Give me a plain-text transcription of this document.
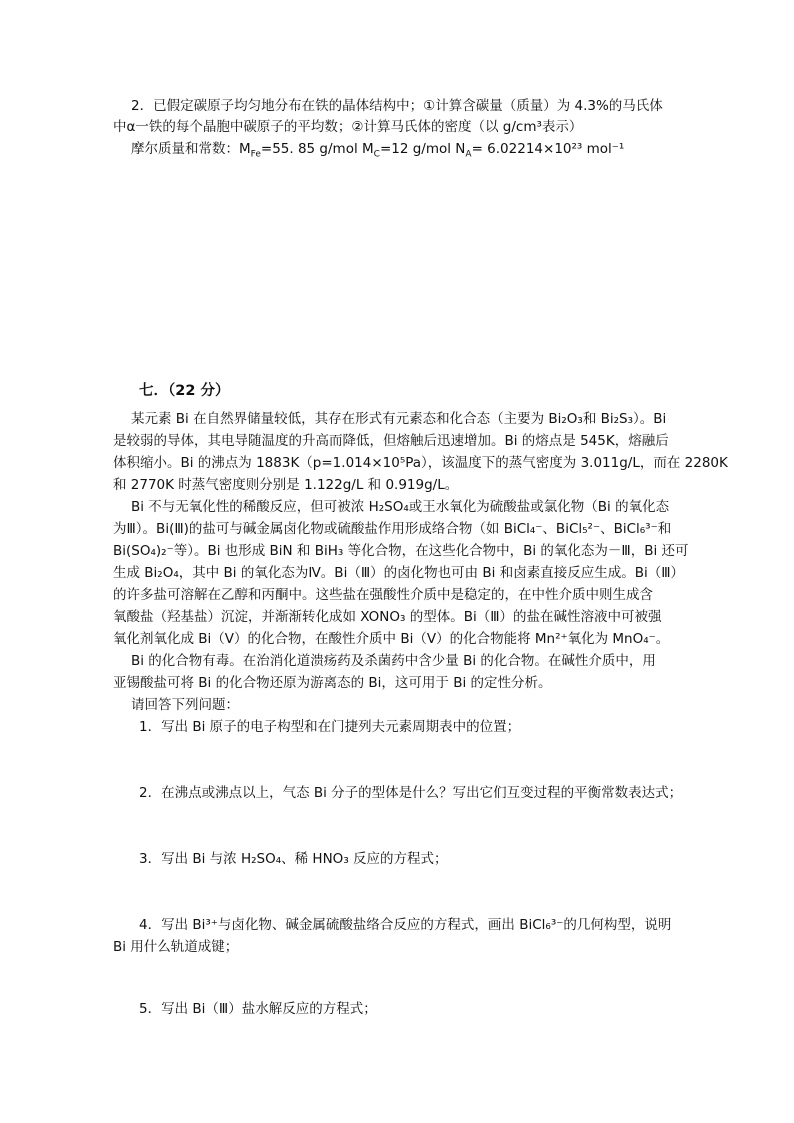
2．已假定碳原子均匀地分布在铁的晶体结构中；①计算含碳量（质量）为 4.3%的马氏体
中α一铁的每个晶胞中碳原子的平均数；②计算马氏体的密度（以 g/cm³表示）
摩尔质量和常数：$M_{Fe}=55$. 85 g/mol $M_C=12$ g/mol $N_A= 6.02214\times 10^{23}$ mol⁻¹
七．（22 分）
某元素 Bi 在自然界储量较低，其存在形式有元素态和化合态（主要为 Bi₂O₃和 Bi₂S₃）。Bi
是较弱的导体，其电导随温度的升高而降低，但熔触后迅速增加。Bi 的熔点是 545K，熔融后
体积缩小。Bi 的沸点为 1883K（p=1.014×10⁵Pa），该温度下的蒸气密度为 3.011g/L，而在 2280K
和 2770K 时蒸气密度则分别是 1.122g/L 和 0.919g/L。
Bi 不与无氧化性的稀酸反应，但可被浓 H₂SO₄或王水氧化为硫酸盐或氯化物（Bi 的氧化态
为Ⅲ）。Bi(Ⅲ)的盐可与碱金属卤化物或硫酸盐作用形成络合物（如 BiCl₄⁻、BiCl₅²⁻、BiCl₆³⁻和
Bi(SO₄)₂⁻等）。Bi 也形成 BiN 和 BiH₃ 等化合物，在这些化合物中，Bi 的氧化态为－Ⅲ，Bi 还可
生成 Bi₂O₄，其中 Bi 的氧化态为Ⅳ。Bi（Ⅲ）的卤化物也可由 Bi 和卤素直接反应生成。Bi（Ⅲ）
的许多盐可溶解在乙醇和丙酮中。这些盐在强酸性介质中是稳定的，在中性介质中则生成含
氧酸盐（羟基盐）沉淀，并渐渐转化成如 XONO₃ 的型体。Bi（Ⅲ）的盐在碱性溶液中可被强
氧化剂氧化成 Bi（Ⅴ）的化合物，在酸性介质中 Bi（Ⅴ）的化合物能将 Mn²⁺氧化为 MnO₄⁻。
Bi 的化合物有毒。在治消化道溃疡药及杀菌药中含少量 Bi 的化合物。在碱性介质中，用
亚锡酸盐可将 Bi 的化合物还原为游离态的 Bi，这可用于 Bi 的定性分析。
请回答下列问题：
1．写出 Bi 原子的电子构型和在门捷列夫元素周期表中的位置；
2．在沸点或沸点以上，气态 Bi 分子的型体是什么？写出它们互变过程的平衡常数表达式；
3．写出 Bi 与浓 H₂SO₄、稀 HNO₃ 反应的方程式；
4．写出 Bi³⁺与卤化物、碱金属硫酸盐络合反应的方程式，画出 BiCl₆³⁻的几何构型，说明
Bi 用什么轨道成键；
5．写出 Bi（Ⅲ）盐水解反应的方程式；
